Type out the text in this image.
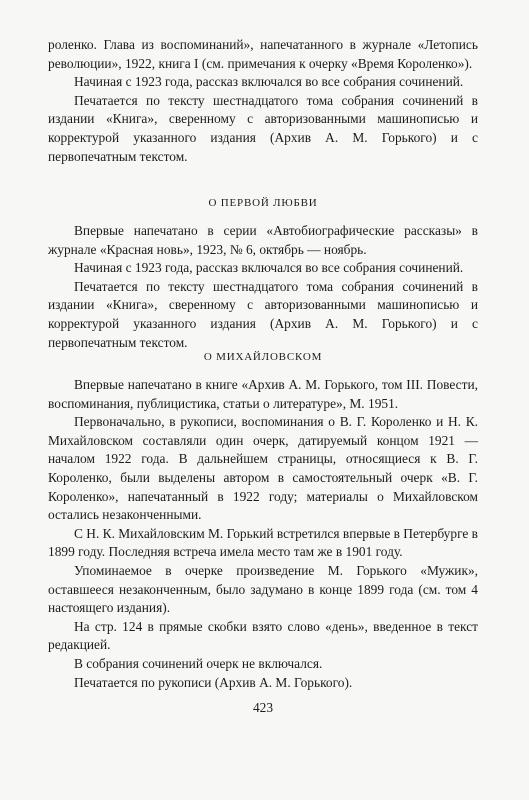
роленко. Глава из воспоминаний», напечатанного в журнале «Летопись революции», 1922, книга I (см. примечания к очерку «Время Короленко»).

Начиная с 1923 года, рассказ включался во все собрания сочинений.

Печатается по тексту шестнадцатого тома собрания сочинений в издании «Книга», сверенному с авторизованными машинописью и корректурой указанного издания (Архив А. М. Горького) и с первопечатным текстом.

О ПЕРВОЙ ЛЮБВИ

Впервые напечатано в серии «Автобиографические рассказы» в журнале «Красная новь», 1923, № 6, октябрь — ноябрь.

Начиная с 1923 года, рассказ включался во все собрания сочинений.

Печатается по тексту шестнадцатого тома собрания сочинений в издании «Книга», сверенному с авторизованными машинописью и корректурой указанного издания (Архив А. М. Горького) и с первопечатным текстом.

О МИХАЙЛОВСКОМ

Впервые напечатано в книге «Архив А. М. Горького, том III. Повести, воспоминания, публицистика, статьи о литературе», М. 1951.

Первоначально, в рукописи, воспоминания о В. Г. Короленко и Н. К. Михайловском составляли один очерк, датируемый концом 1921 — началом 1922 года. В дальнейшем страницы, относящиеся к В. Г. Короленко, были выделены автором в самостоятельный очерк «В. Г. Короленко», напечатанный в 1922 году; материалы о Михайловском остались незаконченными.

С Н. К. Михайловским М. Горький встретился впервые в Петербурге в 1899 году. Последняя встреча имела место там же в 1901 году.

Упоминаемое в очерке произведение М. Горького «Мужик», оставшееся незаконченным, было задумано в конце 1899 года (см. том 4 настоящего издания).

На стр. 124 в прямые скобки взято слово «день», введенное в текст редакцией.

В собрания сочинений очерк не включался.

Печатается по рукописи (Архив А. М. Горького).

423
